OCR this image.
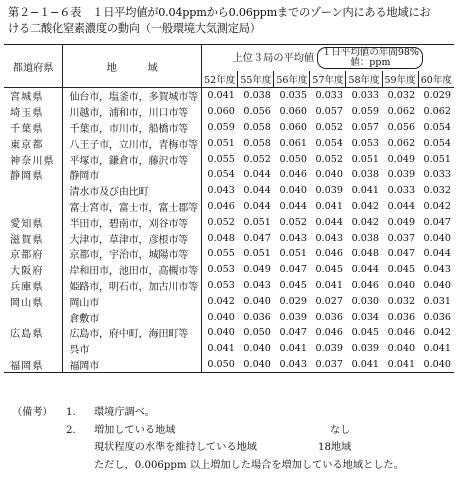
第２−１−６表　１日平均値が0.04ppmから0.06ppmまでのゾーン内にある地域にお
ける二酸化窒素濃度の動向（一般環境大気測定局）
都道府県	地　　　域	上位３局の平均値 １日平均値の年間98%値：ppm						
		52年度	55年度	56年度	57年度	58年度	59年度	60年度
宮城県	仙台市，塩釜市，多賀城市等	0.041	0.038	0.035	0.033	0.033	0.032	0.029
埼玉県	川越市，浦和市，川口市等	0.060	0.056	0.060	0.057	0.059	0.062	0.062
千葉県	千葉市，市川市，船橋市等	0.059	0.058	0.060	0.052	0.057	0.056	0.054
東京都	八王子市，立川市，青梅市等	0.051	0.058	0.061	0.054	0.053	0.062	0.054
神奈川県	平塚市，鎌倉市，藤沢市等	0.055	0.052	0.050	0.052	0.051	0.049	0.051
静岡県	静岡市	0.054	0.044	0.046	0.040	0.038	0.039	0.033
	清水市及び由比町	0.043	0.044	0.040	0.039	0.041	0.033	0.032
	富士宮市，富士市，富士郡等	0.046	0.044	0.044	0.041	0.042	0.044	0.042
愛知県	半田市，碧南市，刈谷市等	0.052	0.051	0.052	0.044	0.042	0.049	0.047
滋賀県	大津市，草津市，彦根市等	0.048	0.047	0.043	0.043	0.038	0.037	0.040
京都府	京都市，宇治市，城陽市等	0.055	0.051	0.051	0.046	0.048	0.047	0.044
大阪府	岸和田市，池田市，高槻市等	0.053	0.049	0.047	0.045	0.044	0.045	0.043
兵庫県	姫路市，明石市，加古川市等	0.053	0.043	0.045	0.041	0.046	0.040	0.040
岡山県	岡山市	0.042	0.040	0.029	0.027	0.030	0.032	0.031
	倉敷市	0.040	0.036	0.039	0.036	0.034	0.036	0.036
広島県	広島市，府中町，海田町等	0.040	0.050	0.047	0.046	0.045	0.046	0.042
	呉市	0.041	0.040	0.041	0.039	0.039	0.040	0.041
福岡県	福岡市	0.050	0.040	0.043	0.037	0.041	0.041	0.040
（備考） 1. 環境庁調べ。
2. 増加している地域	なし
現状程度の水準を維持している地域	18地域
ただし，0.006ppm 以上増加した場合を増加している地域とした。
